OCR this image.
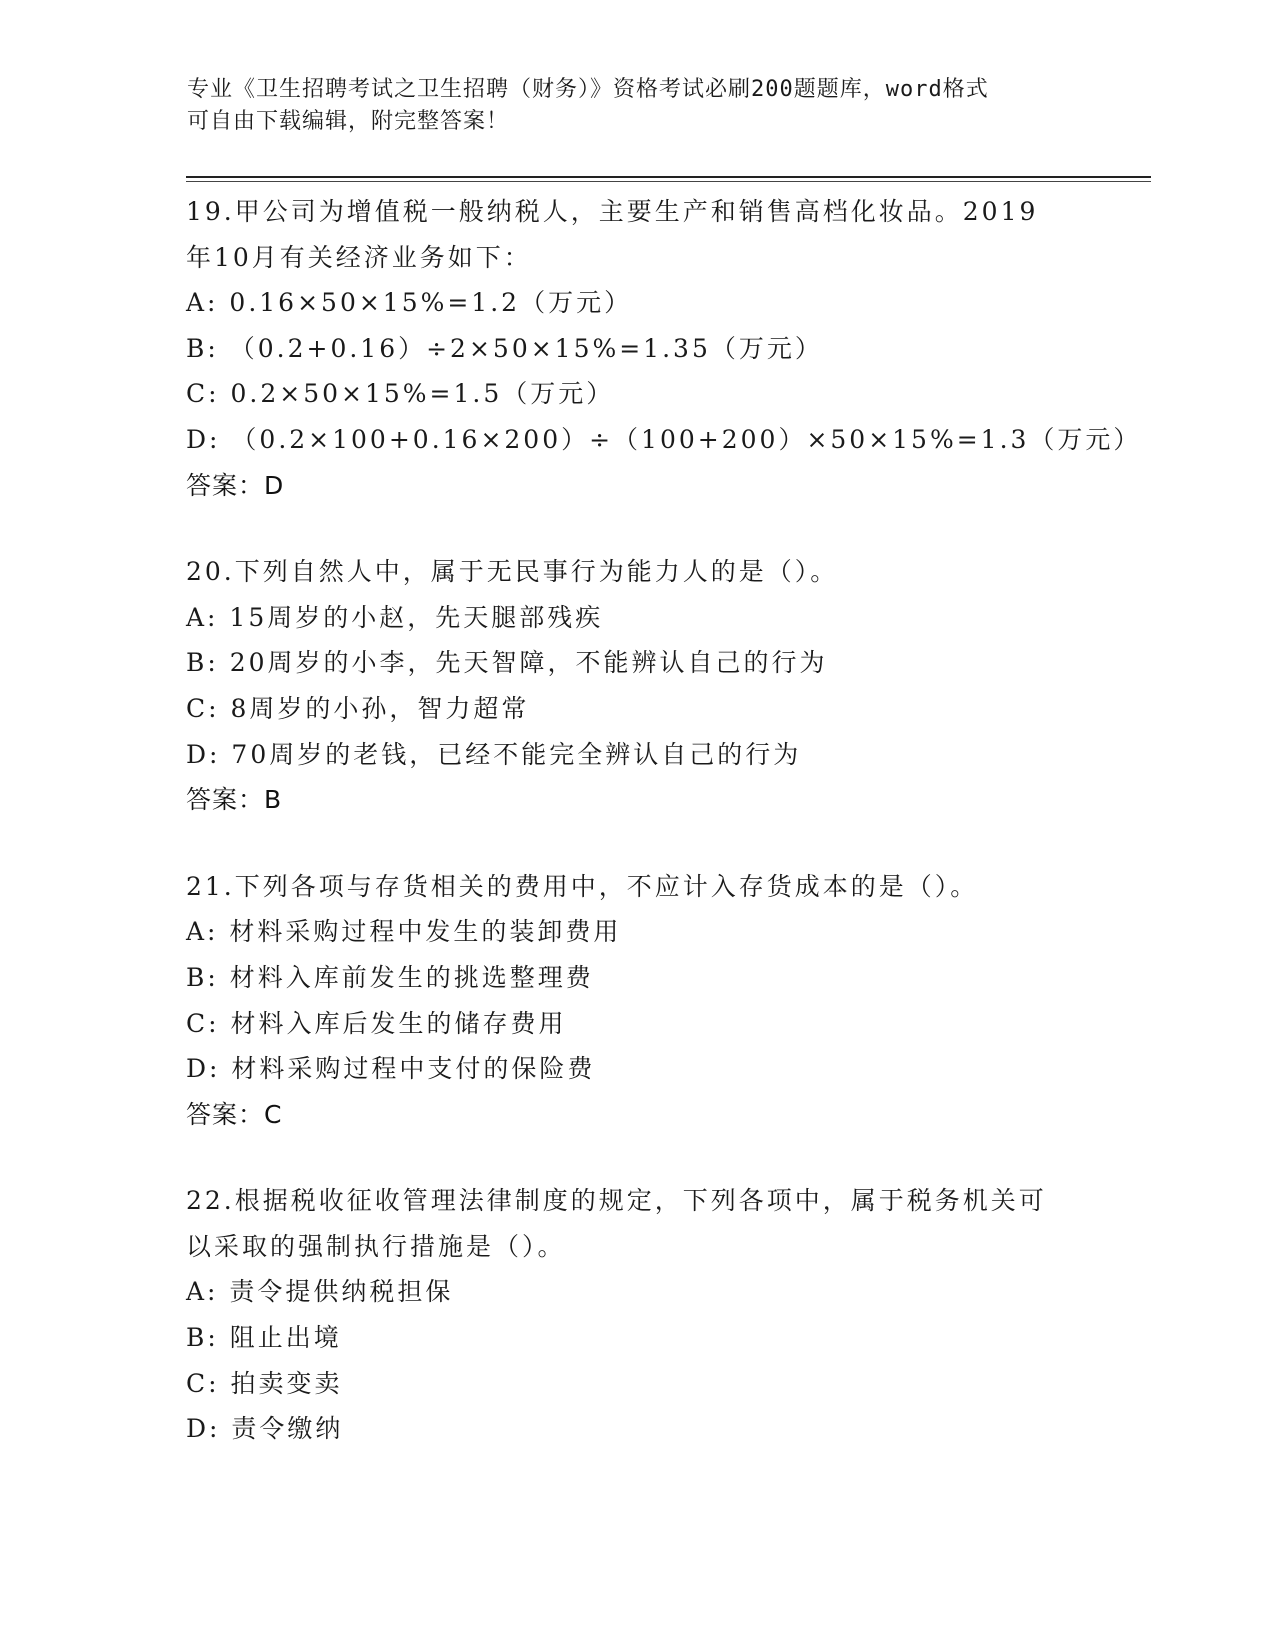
专业《卫生招聘考试之卫生招聘（财务）》资格考试必刷200题题库，word格式
可自由下载编辑，附完整答案！
19.甲公司为增值税一般纳税人，主要生产和销售高档化妆品。2019
年10月有关经济业务如下：
A: 0.16×50×15%=1.2（万元）
B: （0.2+0.16）÷2×50×15%=1.35（万元）
C: 0.2×50×15%=1.5（万元）
D: （0.2×100+0.16×200）÷（100+200）×50×15%=1.3（万元）
答案：D
20.下列自然人中，属于无民事行为能力人的是（）。
A: 15周岁的小赵，先天腿部残疾
B: 20周岁的小李，先天智障，不能辨认自己的行为
C: 8周岁的小孙，智力超常
D: 70周岁的老钱，已经不能完全辨认自己的行为
答案：B
21.下列各项与存货相关的费用中，不应计入存货成本的是（）。
A: 材料采购过程中发生的装卸费用
B: 材料入库前发生的挑选整理费
C: 材料入库后发生的储存费用
D: 材料采购过程中支付的保险费
答案：C
22.根据税收征收管理法律制度的规定，下列各项中，属于税务机关可
以采取的强制执行措施是（）。
A: 责令提供纳税担保
B: 阻止出境
C: 拍卖变卖
D: 责令缴纳
